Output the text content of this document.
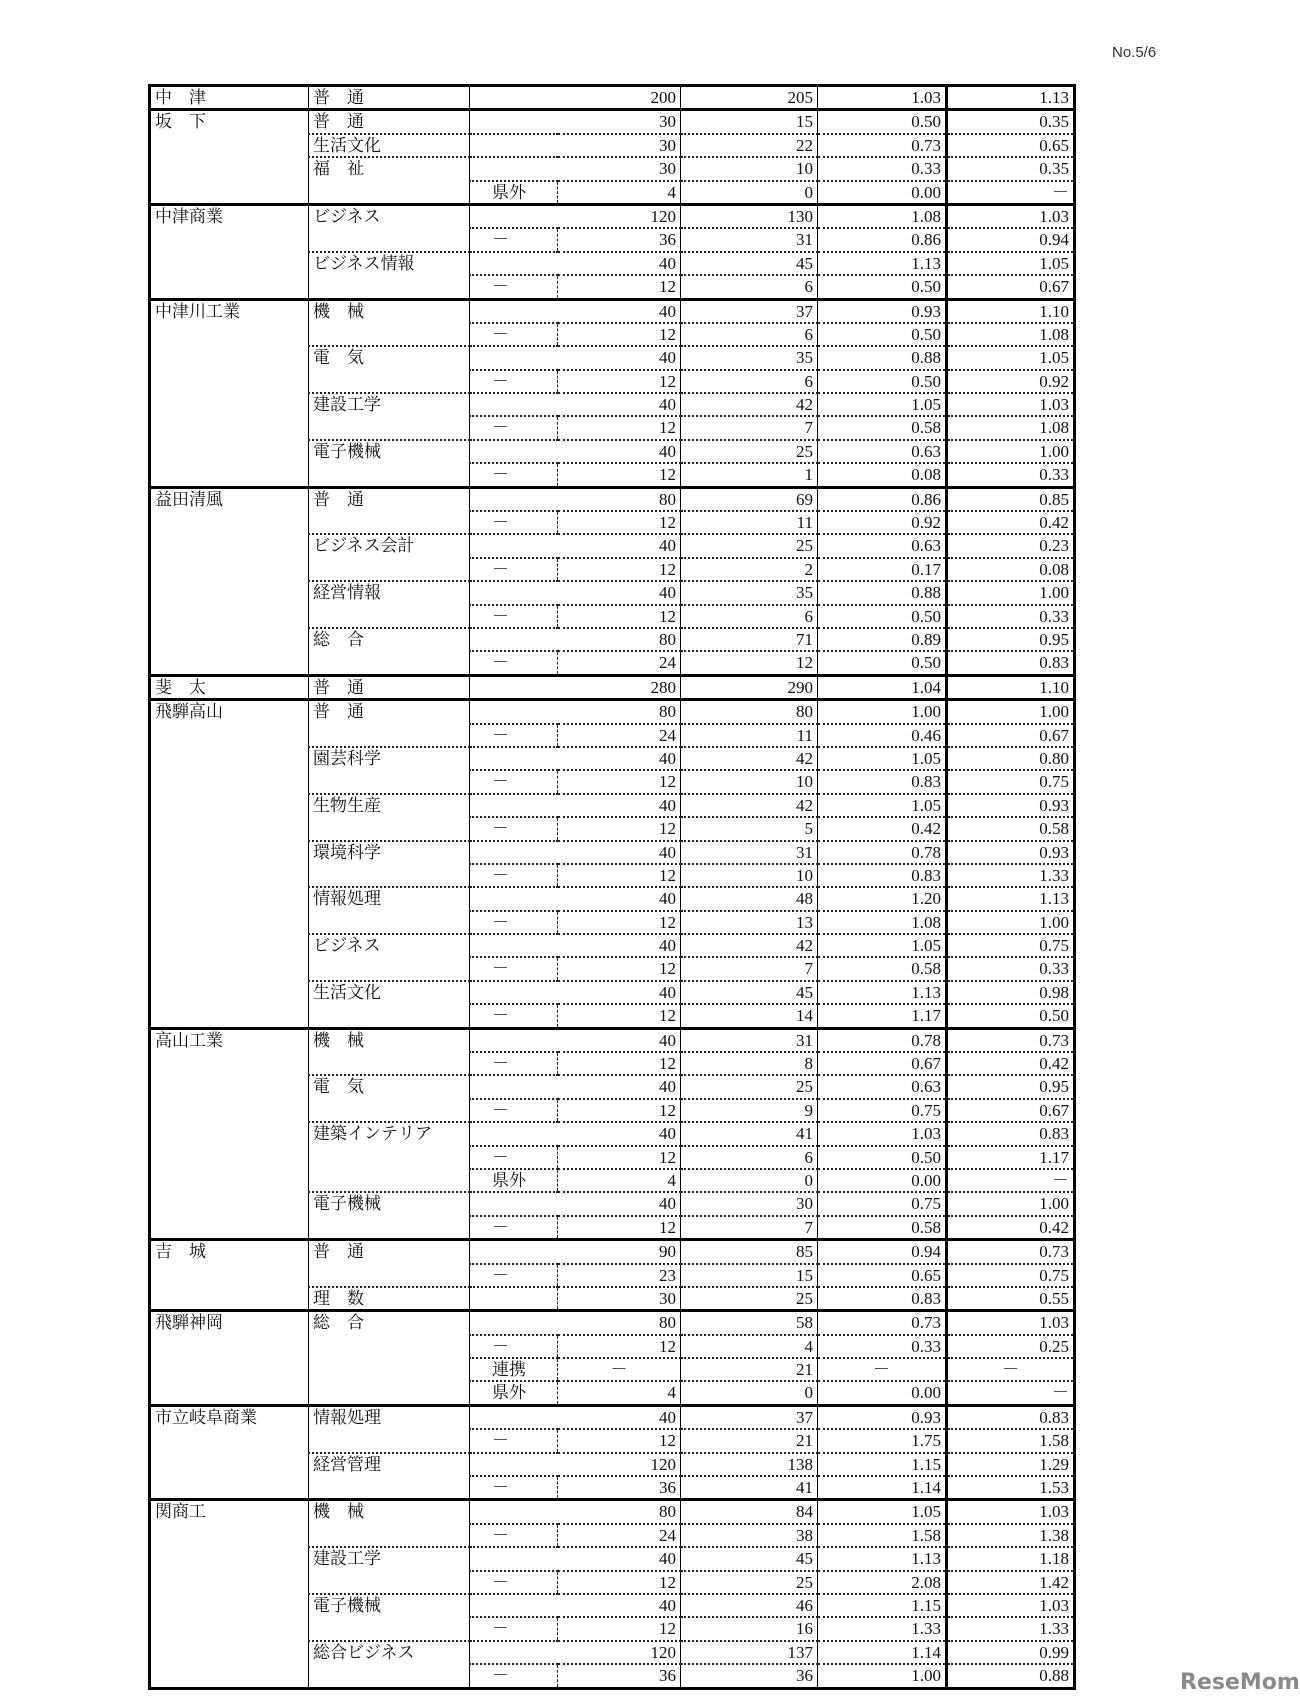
No.5/6
中　津	普　通		200	205	1.03	1.13
坂　下	普　通		30	15	0.50	0.35
	生活文化		30	22	0.73	0.65
	福　祉		30	10	0.33	0.35
		県外	4	0	0.00	－
中津商業	ビジネス		120	130	1.08	1.03
		－	36	31	0.86	0.94
	ビジネス情報		40	45	1.13	1.05
		－	12	6	0.50	0.67
中津川工業	機　械		40	37	0.93	1.10
		－	12	6	0.50	1.08
	電　気		40	35	0.88	1.05
		－	12	6	0.50	0.92
	建設工学		40	42	1.05	1.03
		－	12	7	0.58	1.08
	電子機械		40	25	0.63	1.00
		－	12	1	0.08	0.33
益田清風	普　通		80	69	0.86	0.85
		－	12	11	0.92	0.42
	ビジネス会計		40	25	0.63	0.23
		－	12	2	0.17	0.08
	経営情報		40	35	0.88	1.00
		－	12	6	0.50	0.33
	総　合		80	71	0.89	0.95
		－	24	12	0.50	0.83
斐　太	普　通		280	290	1.04	1.10
飛騨高山	普　通		80	80	1.00	1.00
		－	24	11	0.46	0.67
	園芸科学		40	42	1.05	0.80
		－	12	10	0.83	0.75
	生物生産		40	42	1.05	0.93
		－	12	5	0.42	0.58
	環境科学		40	31	0.78	0.93
		－	12	10	0.83	1.33
	情報処理		40	48	1.20	1.13
		－	12	13	1.08	1.00
	ビジネス		40	42	1.05	0.75
		－	12	7	0.58	0.33
	生活文化		40	45	1.13	0.98
		－	12	14	1.17	0.50
高山工業	機　械		40	31	0.78	0.73
		－	12	8	0.67	0.42
	電　気		40	25	0.63	0.95
		－	12	9	0.75	0.67
	建築インテリア		40	41	1.03	0.83
		－	12	6	0.50	1.17
		県外	4	0	0.00	－
	電子機械		40	30	0.75	1.00
		－	12	7	0.58	0.42
吉　城	普　通		90	85	0.94	0.73
		－	23	15	0.65	0.75
	理　数		30	25	0.83	0.55
飛騨神岡	総　合		80	58	0.73	1.03
		－	12	4	0.33	0.25
		連携	－	21	－	－
		県外	4	0	0.00	－
市立岐阜商業	情報処理		40	37	0.93	0.83
		－	12	21	1.75	1.58
	経営管理		120	138	1.15	1.29
		－	36	41	1.14	1.53
関商工	機　械		80	84	1.05	1.03
		－	24	38	1.58	1.38
	建設工学		40	45	1.13	1.18
		－	12	25	2.08	1.42
	電子機械		40	46	1.15	1.03
		－	12	16	1.33	1.33
	総合ビジネス		120	137	1.14	0.99
		－	36	36	1.00	0.88	ReseMom
